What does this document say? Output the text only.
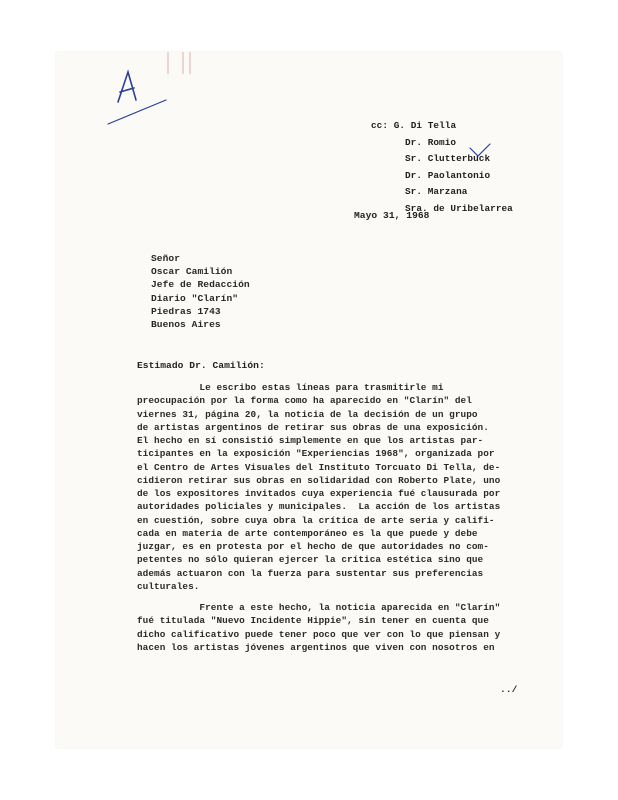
cc: G. Di Tella
Dr. Romio
Sr. Clutterbuck
Dr. Paolantonio
Sr. Marzana
Sra. de Uribelarrea
Mayo 31, 1968
Señor
Oscar Camilión
Jefe de Redacción
Diario "Clarín"
Piedras 1743
Buenos Aires
Estimado Dr. Camilión:
Le escribo estas líneas para trasmitirle mi
preocupación por la forma como ha aparecido en "Clarín" del
viernes 31, página 20, la noticia de la decisión de un grupo
de artistas argentinos de retirar sus obras de una exposición.
El hecho en sí consistió simplemente en que los artistas par-
ticipantes en la exposición "Experiencias 1968", organizada por
el Centro de Artes Visuales del Instituto Torcuato Di Tella, de-
cidieron retirar sus obras en solidaridad con Roberto Plate, uno
de los expositores invitados cuya experiencia fué clausurada por
autoridades policiales y municipales.  La acción de los artistas
en cuestión, sobre cuya obra la crítica de arte seria y califi-
cada en materia de arte contemporáneo es la que puede y debe
juzgar, es en protesta por el hecho de que autoridades no com-
petentes no sólo quieran ejercer la crítica estética sino que
además actuaron con la fuerza para sustentar sus preferencias
culturales.
Frente a este hecho, la noticia aparecida en "Clarín"
fué titulada "Nuevo Incidente Hippie", sin tener en cuenta que
dicho calificativo puede tener poco que ver con lo que piensan y
hacen los artistas jóvenes argentinos que viven con nosotros en
../
